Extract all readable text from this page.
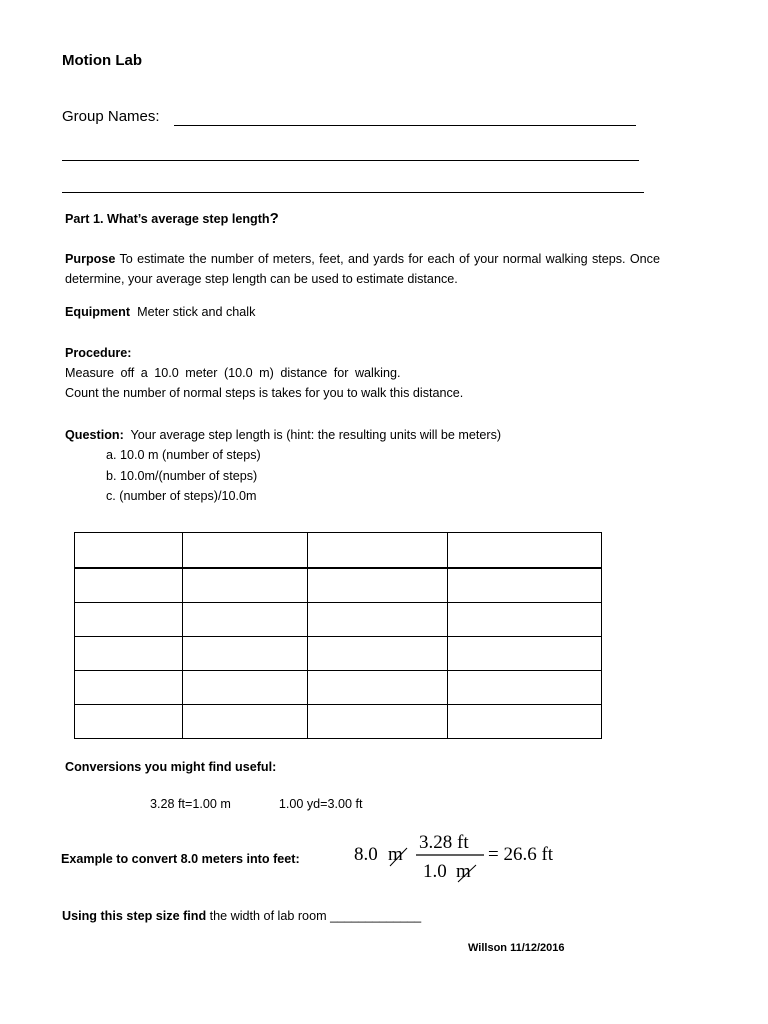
Motion Lab
Group Names:
Part 1. What’s average step length?
Purpose To estimate the number of meters, feet, and yards for each of your normal walking steps. Once determine, your average step length can be used to estimate distance.
Equipment  Meter stick and chalk
Procedure:
Measure off a 10.0 meter (10.0 m) distance for walking.
Count the number of normal steps is takes for you to walk this distance.
Question:  Your average step length is (hint: the resulting units will be meters)
a. 10.0 m (number of steps)
b. 10.0m/(number of steps)
c. (number of steps)/10.0m

Conversions you might find useful:
3.28 ft=1.00 m	1.00 yd=3.00 ft
Example to convert 8.0 meters into feet:	8.0 m
3.28 ft
1.0 m
= 26.6 ft
Using this step size find the width of lab room _____________
Willson 11/12/2016
